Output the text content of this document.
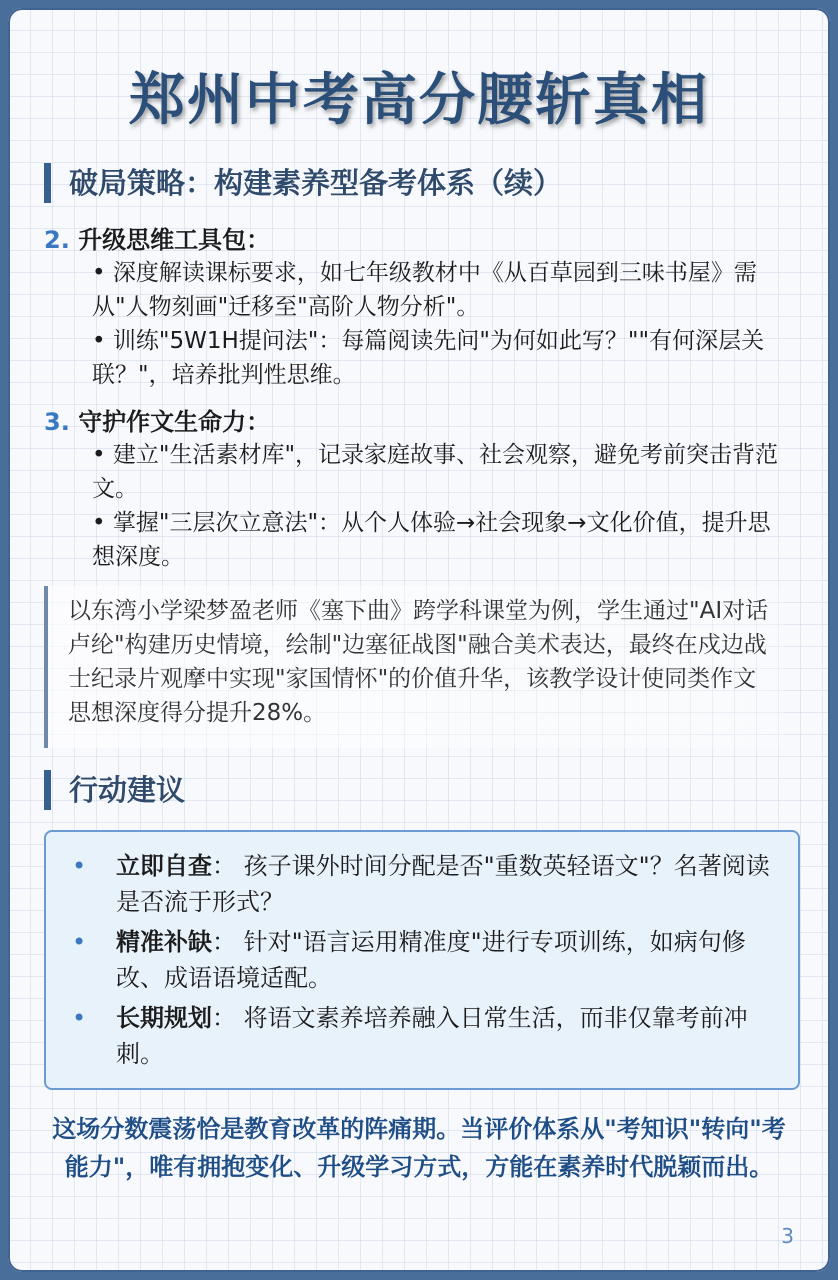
郑州中考高分腰斩真相
破局策略：构建素养型备考体系（续）
2. 升级思维工具包：
• 深度解读课标要求，如七年级教材中《从百草园到三味书屋》需从"人物刻画"迁移至"高阶人物分析"。
• 训练"5W1H提问法"：每篇阅读先问"为何如此写？""有何深层关联？"，培养批判性思维。
3. 守护作文生命力：
• 建立"生活素材库"，记录家庭故事、社会观察，避免考前突击背范文。
• 掌握"三层次立意法"：从个人体验→社会现象→文化价值，提升思想深度。
以东湾小学梁梦盈老师《塞下曲》跨学科课堂为例，学生通过"AI对话卢纶"构建历史情境，绘制"边塞征战图"融合美术表达，最终在戍边战士纪录片观摩中实现"家国情怀"的价值升华，该教学设计使同类作文思想深度得分提升28%。
行动建议
• 立即自查： 孩子课外时间分配是否"重数英轻语文"？名著阅读是否流于形式？
• 精准补缺： 针对"语言运用精准度"进行专项训练，如病句修改、成语语境适配。
• 长期规划： 将语文素养培养融入日常生活，而非仅靠考前冲刺。
这场分数震荡恰是教育改革的阵痛期。当评价体系从"考知识"转向"考能力"，唯有拥抱变化、升级学习方式，方能在素养时代脱颖而出。
3
